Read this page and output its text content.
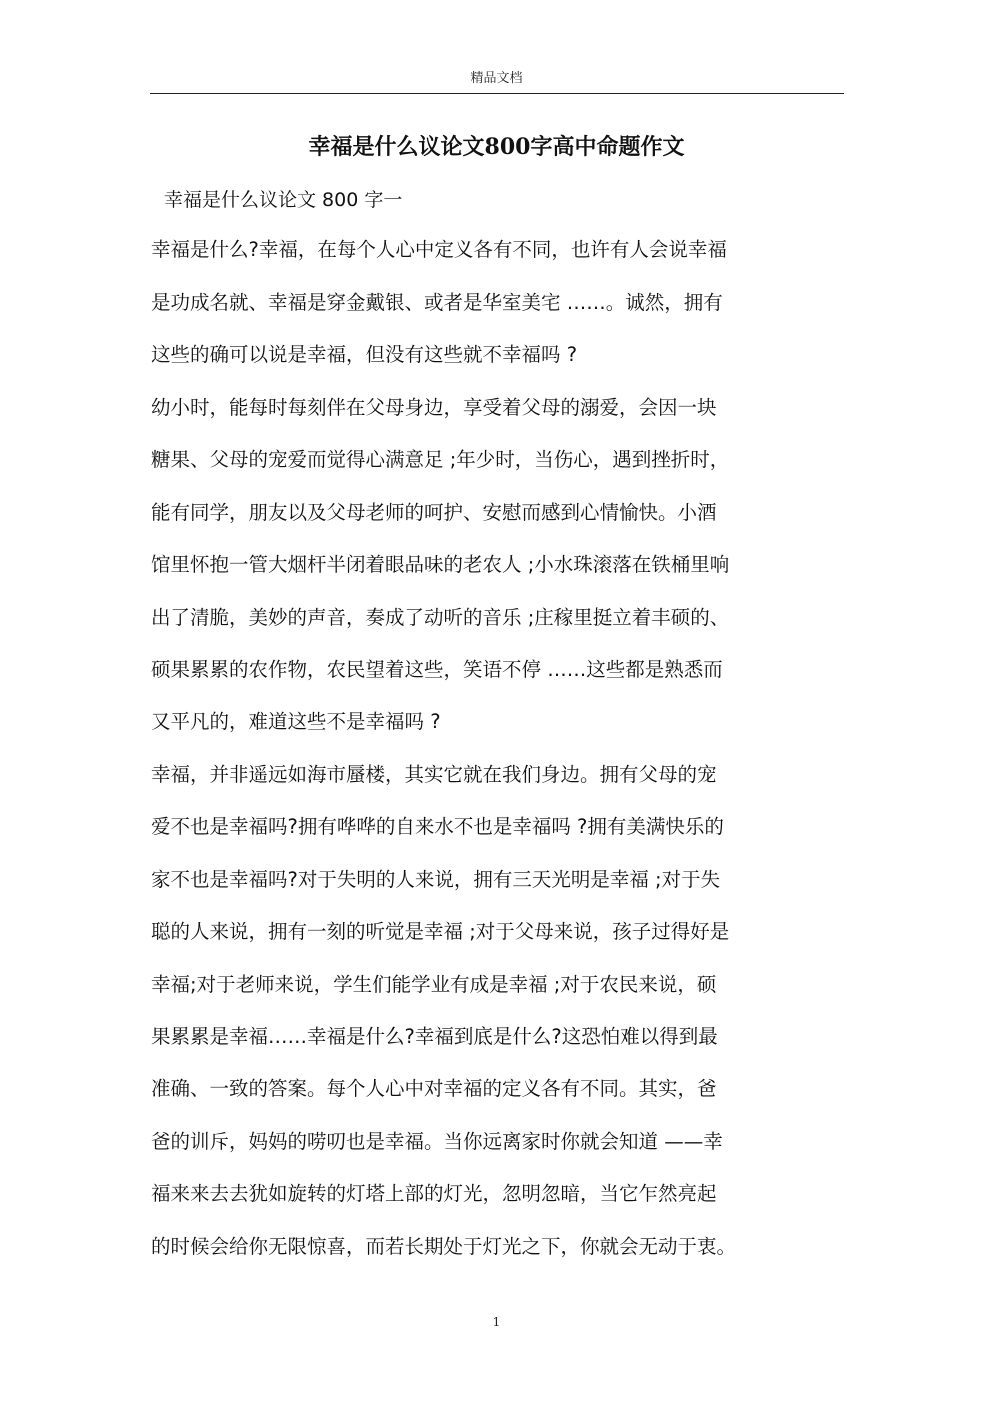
精品文档
幸福是什么议论文800字高中命题作文
幸福是什么议论文 800 字一
幸福是什么?幸福，在每个人心中定义各有不同，也许有人会说幸福
是功成名就、幸福是穿金戴银、或者是华室美宅 ……。诚然，拥有
这些的确可以说是幸福，但没有这些就不幸福吗 ?
幼小时，能每时每刻伴在父母身边，享受着父母的溺爱，会因一块
糖果、父母的宠爱而觉得心满意足 ;年少时，当伤心，遇到挫折时，
能有同学，朋友以及父母老师的呵护、安慰而感到心情愉快。小酒
馆里怀抱一管大烟杆半闭着眼品味的老农人 ;小水珠滚落在铁桶里响
出了清脆，美妙的声音，奏成了动听的音乐 ;庄稼里挺立着丰硕的、
硕果累累的农作物，农民望着这些，笑语不停 ……这些都是熟悉而
又平凡的，难道这些不是幸福吗 ?
幸福，并非遥远如海市蜃楼，其实它就在我们身边。拥有父母的宠
爱不也是幸福吗?拥有哗哗的自来水不也是幸福吗 ?拥有美满快乐的
家不也是幸福吗?对于失明的人来说，拥有三天光明是幸福 ;对于失
聪的人来说，拥有一刻的听觉是幸福 ;对于父母来说，孩子过得好是
幸福;对于老师来说，学生们能学业有成是幸福 ;对于农民来说，硕
果累累是幸福……幸福是什么?幸福到底是什么?这恐怕难以得到最
准确、一致的答案。每个人心中对幸福的定义各有不同。其实，爸
爸的训斥，妈妈的唠叨也是幸福。当你远离家时你就会知道 ——幸
福来来去去犹如旋转的灯塔上部的灯光，忽明忽暗，当它乍然亮起
的时候会给你无限惊喜，而若长期处于灯光之下，你就会无动于衷。
1
